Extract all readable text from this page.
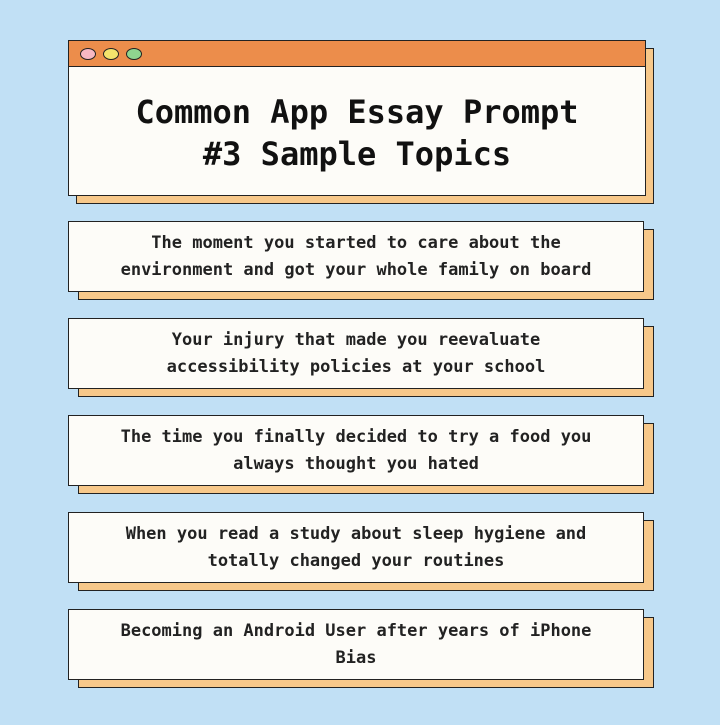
Common App Essay Prompt
#3 Sample Topics
The moment you started to care about the
environment and got your whole family on board
Your injury that made you reevaluate
accessibility policies at your school
The time you finally decided to try a food you
always thought you hated
When you read a study about sleep hygiene and
totally changed your routines
Becoming an Android User after years of iPhone
Bias
